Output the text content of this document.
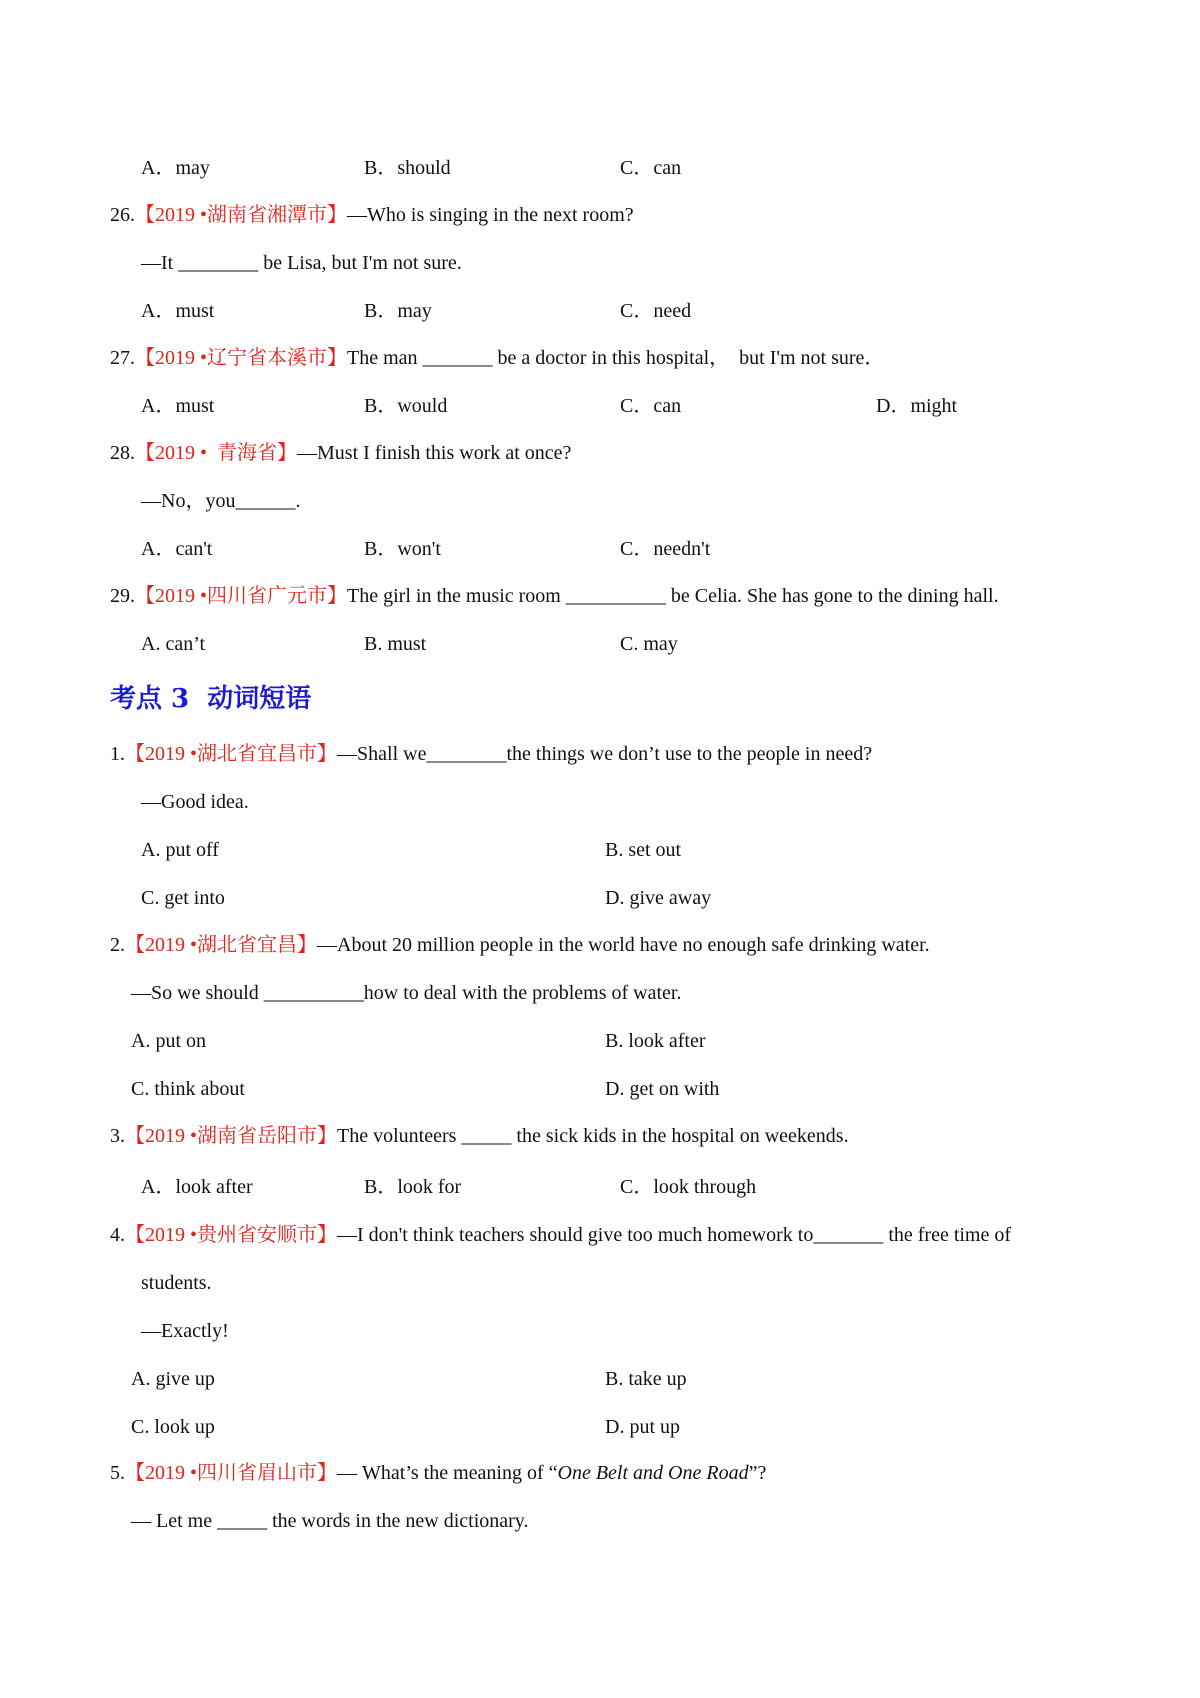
A．may	B．should	C．can
26.【2019 •湖南省湘潭市】—Who is singing in the next room?
—It ________ be Lisa, but I'm not sure.
A．must	B．may	C．need
27.【2019 •辽宁省本溪市】The man _______ be a doctor in this hospital，  but I'm not sure．
A．must	B．would	C．can	D．might
28.【2019 •  青海省】—Must I finish this work at once?
—No，you______.
A．can't	B．won't	C．needn't
29.【2019 •四川省广元市】The girl in the music room __________ be Celia. She has gone to the dining hall.
A. can’t	B. must	C. may
考点 3  动词短语
1.【2019 •湖北省宜昌市】—Shall we________the things we don’t use to the people in need?
—Good idea.
A. put off	B. set out
C. get into	D. give away
2.【2019 •湖北省宜昌】—About 20 million people in the world have no enough safe drinking water.
—So we should __________how to deal with the problems of water.
A. put on	B. look after
C. think about	D. get on with
3.【2019 •湖南省岳阳市】The volunteers _____ the sick kids in the hospital on weekends.
A．look after	B．look for	C．look through
4.【2019 •贵州省安顺市】—I don't think teachers should give too much homework to_______ the free time of
students.
—Exactly!
A. give up	B. take up
C. look up	D. put up
5.【2019 •四川省眉山市】— What’s the meaning of “One Belt and One Road”?
— Let me _____ the words in the new dictionary.
